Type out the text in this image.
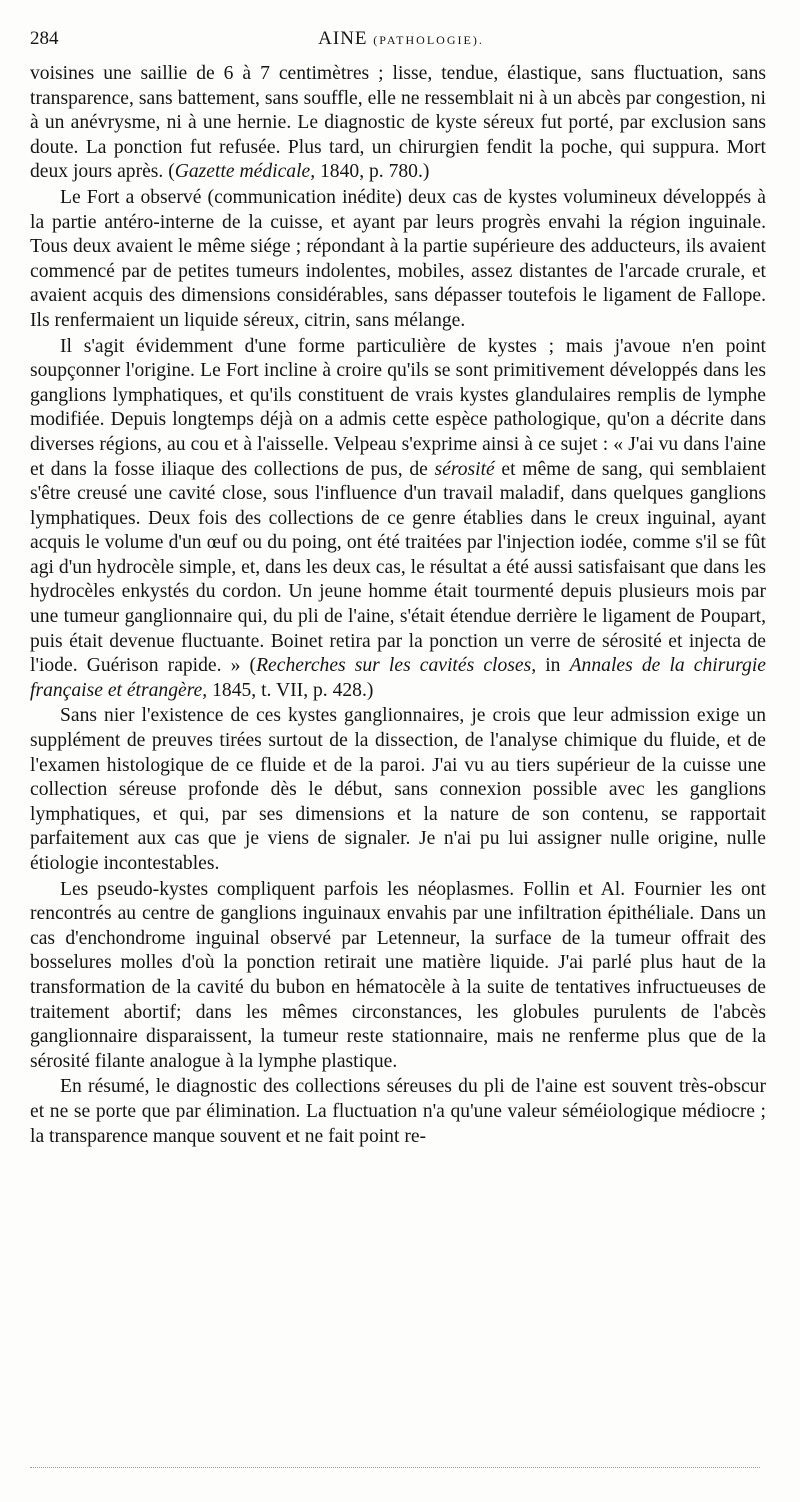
284	AINE (PATHOLOGIE).

voisines une saillie de 6 à 7 centimètres ; lisse, tendue, élastique, sans fluctuation, sans transparence, sans battement, sans souffle, elle ne ressemblait ni à un abcès par congestion, ni à un anévrysme, ni à une hernie. Le diagnostic de kyste séreux fut porté, par exclusion sans doute. La ponction fut refusée. Plus tard, un chirurgien fendit la poche, qui suppura. Mort deux jours après. (Gazette médicale, 1840, p. 780.)

Le Fort a observé (communication inédite) deux cas de kystes volumineux développés à la partie antéro-interne de la cuisse, et ayant par leurs progrès envahi la région inguinale. Tous deux avaient le même siége ; répondant à la partie supérieure des adducteurs, ils avaient commencé par de petites tumeurs indolentes, mobiles, assez distantes de l'arcade crurale, et avaient acquis des dimensions considérables, sans dépasser toutefois le ligament de Fallope. Ils renfermaient un liquide séreux, citrin, sans mélange.

Il s'agit évidemment d'une forme particulière de kystes ; mais j'avoue n'en point soupçonner l'origine. Le Fort incline à croire qu'ils se sont primitivement développés dans les ganglions lymphatiques, et qu'ils constituent de vrais kystes glandulaires remplis de lymphe modifiée. Depuis longtemps déjà on a admis cette espèce pathologique, qu'on a décrite dans diverses régions, au cou et à l'aisselle. Velpeau s'exprime ainsi à ce sujet : « J'ai vu dans l'aine et dans la fosse iliaque des collections de pus, de sérosité et même de sang, qui semblaient s'être creusé une cavité close, sous l'influence d'un travail maladif, dans quelques ganglions lymphatiques. Deux fois des collections de ce genre établies dans le creux inguinal, ayant acquis le volume d'un œuf ou du poing, ont été traitées par l'injection iodée, comme s'il se fût agi d'un hydrocèle simple, et, dans les deux cas, le résultat a été aussi satisfaisant que dans les hydrocèles enkystés du cordon. Un jeune homme était tourmenté depuis plusieurs mois par une tumeur ganglionnaire qui, du pli de l'aine, s'était étendue derrière le ligament de Poupart, puis était devenue fluctuante. Boinet retira par la ponction un verre de sérosité et injecta de l'iode. Guérison rapide. » (Recherches sur les cavités closes, in Annales de la chirurgie française et étrangère, 1845, t. VII, p. 428.)

Sans nier l'existence de ces kystes ganglionnaires, je crois que leur admission exige un supplément de preuves tirées surtout de la dissection, de l'analyse chimique du fluide, et de l'examen histologique de ce fluide et de la paroi. J'ai vu au tiers supérieur de la cuisse une collection séreuse profonde dès le début, sans connexion possible avec les ganglions lymphatiques, et qui, par ses dimensions et la nature de son contenu, se rapportait parfaitement aux cas que je viens de signaler. Je n'ai pu lui assigner nulle origine, nulle étiologie incontestables.

Les pseudo-kystes compliquent parfois les néoplasmes. Follin et Al. Fournier les ont rencontrés au centre de ganglions inguinaux envahis par une infiltration épithéliale. Dans un cas d'enchondrome inguinal observé par Letenneur, la surface de la tumeur offrait des bosselures molles d'où la ponction retirait une matière liquide. J'ai parlé plus haut de la transformation de la cavité du bubon en hématocèle à la suite de tentatives infructueuses de traitement abortif; dans les mêmes circonstances, les globules purulents de l'abcès ganglionnaire disparaissent, la tumeur reste stationnaire, mais ne renferme plus que de la sérosité filante analogue à la lymphe plastique.

En résumé, le diagnostic des collections séreuses du pli de l'aine est souvent très-obscur et ne se porte que par élimination. La fluctuation n'a qu'une valeur séméiologique médiocre ; la transparence manque souvent et ne fait point re-
